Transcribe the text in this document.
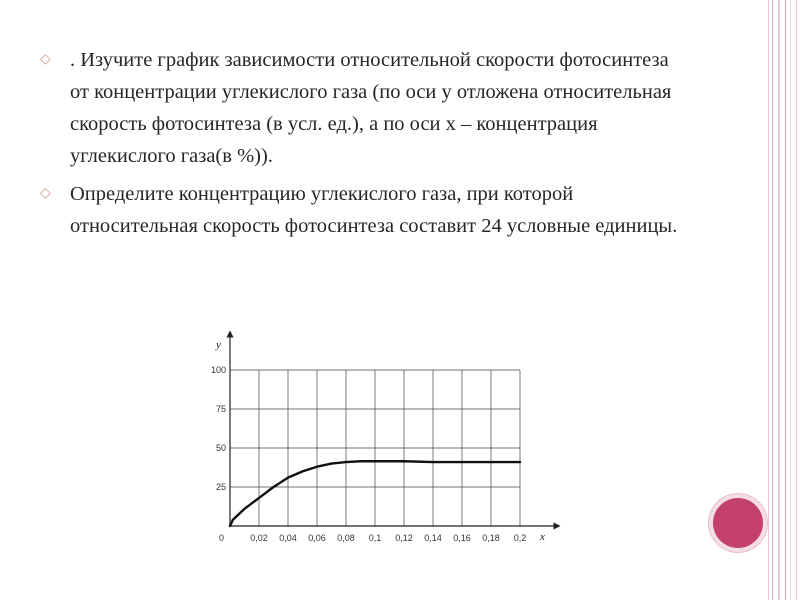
◇ . Изучите график зависимости относительной скорости фотосинтеза от концентрации углекислого газа (по оси y отложена относительная скорость фотосинтеза (в усл. ед.), а по оси x – концентрация углекислого газа(в %)).
◇ Определите концентрацию углекислого газа, при которой относительная скорость фотосинтеза составит 24 условные единицы.
y
x
0	0,02 0,04 0,06 0,08 0,1 0,12 0,14 0,16 0,18 0,2
25
50
75
100
